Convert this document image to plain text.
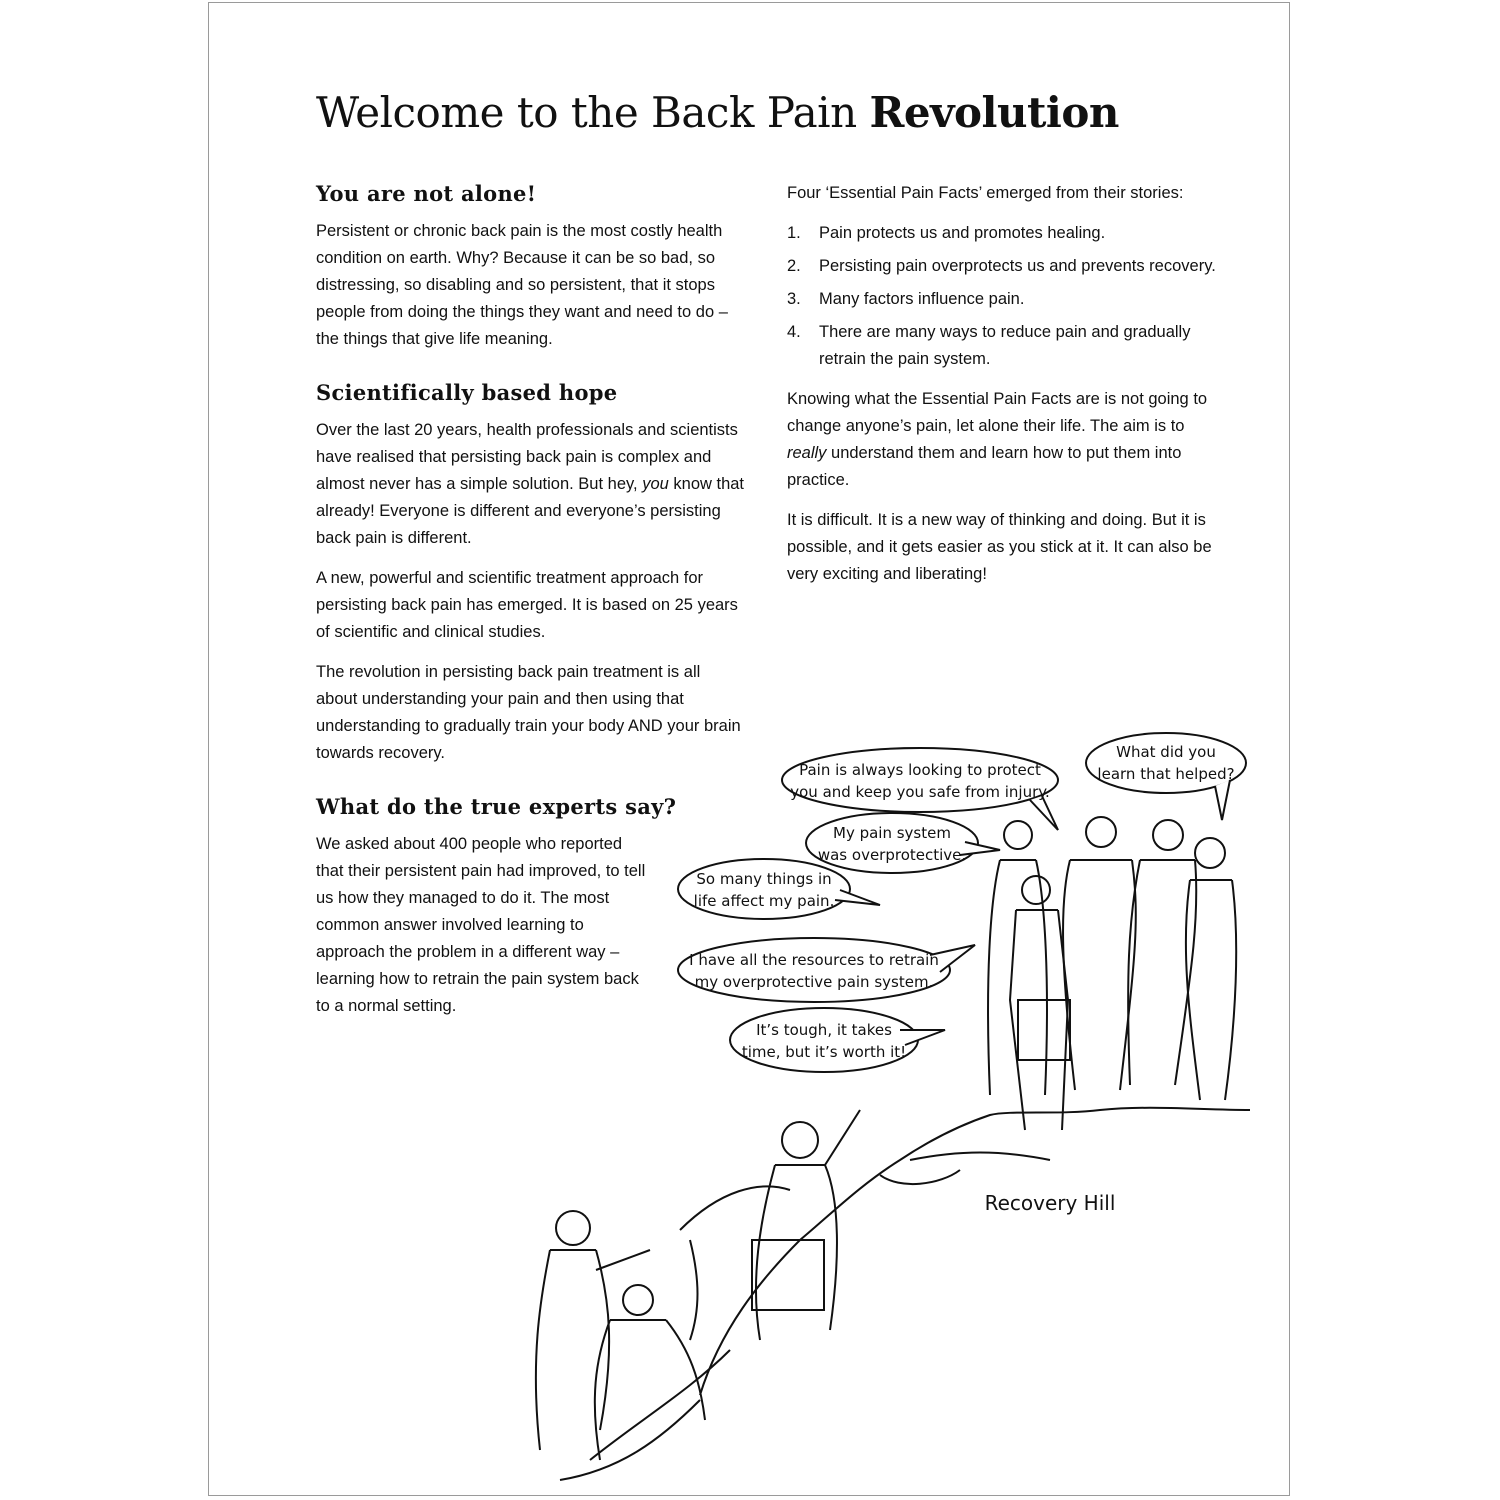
Welcome to the Back Pain Revolution
You are not alone!

Persistent or chronic back pain is the most costly health condition on earth. Why? Because it can be so bad, so distressing, so disabling and so persistent, that it stops people from doing the things they want and need to do – the things that give life meaning.

Scientifically based hope

Over the last 20 years, health professionals and scientists have realised that persisting back pain is complex and almost never has a simple solution. But hey, you know that already! Everyone is different and everyone’s persisting back pain is different.

A new, powerful and scientific treatment approach for persisting back pain has emerged. It is based on 25 years of scientific and clinical studies.

The revolution in persisting back pain treatment is all about understanding your pain and then using that understanding to gradually train your body AND your brain towards recovery.

What do the true experts say?

We asked about 400 people who reported that their persistent pain had improved, to tell us how they managed to do it. The most common answer involved learning to approach the problem in a different way – learning how to retrain the pain system back to a normal setting.

Four ‘Essential Pain Facts’ emerged from their stories:

1. Pain protects us and promotes healing.
2. Persisting pain overprotects us and prevents recovery.
3. Many factors influence pain.
4. There are many ways to reduce pain and gradually retrain the pain system.

Knowing what the Essential Pain Facts are is not going to change anyone’s pain, let alone their life. The aim is to really understand them and learn how to put them into practice.

It is difficult. It is a new way of thinking and doing. But it is possible, and it gets easier as you stick at it. It can also be very exciting and liberating!

Pain is always looking to protect
you and keep you safe from injury.
What did you
learn that helped?
My pain system
was overprotective.
So many things in
life affect my pain.
I have all the resources to retrain
my overprotective pain system.
It’s tough, it takes
time, but it’s worth it!
Recovery Hill
